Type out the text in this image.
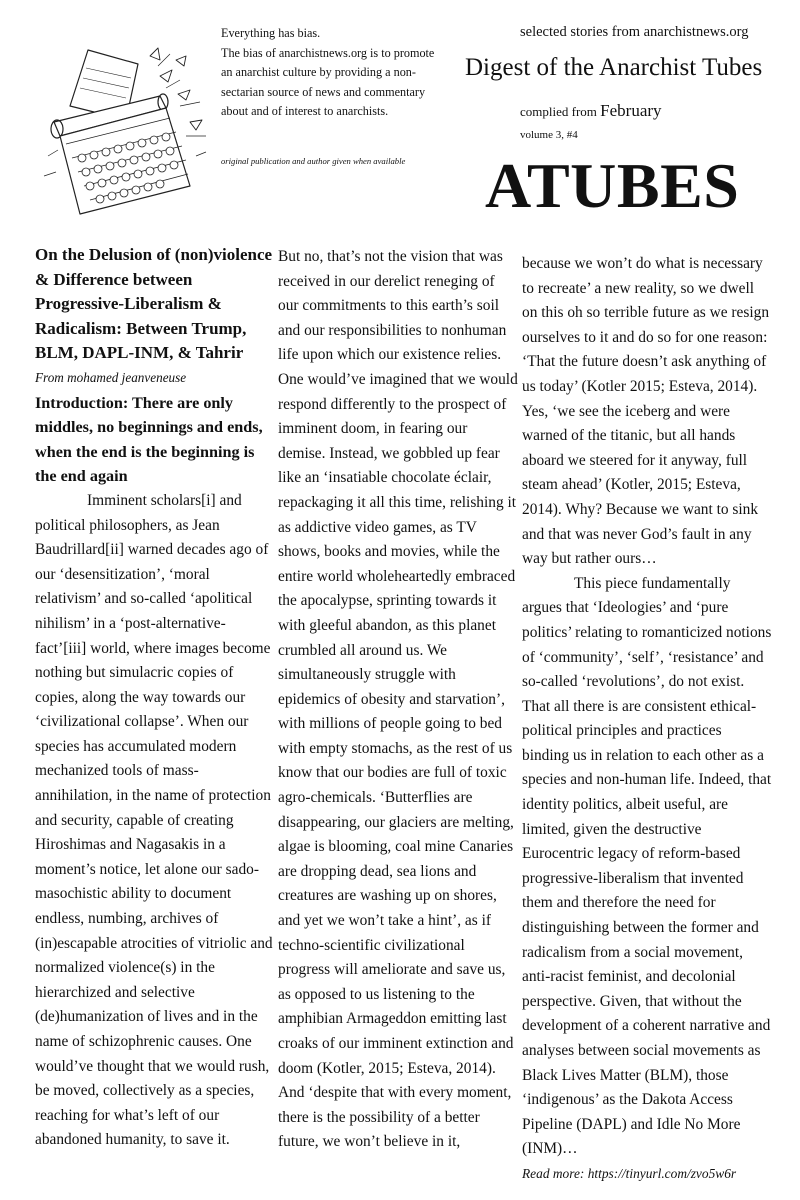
Everything has bias.

The bias of anarchistnews.org is to promote an anarchist culture by providing a non-sectarian source of news and commentary about and of interest to anarchists.

original publication and author given when available
selected stories from anarchistnews.org
Digest of the Anarchist Tubes
complied from February
volume 3, #4
ATUBES

On the Delusion of (non)violence & Difference between Progressive-Liberalism & Radicalism: Between Trump, BLM, DAPL-INM, & Tahrir

From mohamed jeanveneuse

Introduction: There are only middles, no beginnings and ends, when the end is the beginning is the end again

Imminent scholars[i] and political philosophers, as Jean Baudrillard[ii] warned decades ago of our ‘desensitization’, ‘moral relativism’ and so-called ‘apolitical nihilism’ in a ‘post-alternative-fact’[iii] world, where images become nothing but simulacric copies of copies, along the way towards our ‘civilizational collapse’. When our species has accumulated modern mechanized tools of mass-annihilation, in the name of protection and security, capable of creating Hiroshimas and Nagasakis in a moment’s notice, let alone our sado-masochistic ability to document endless, numbing, archives of (in)escapable atrocities of vitriolic and normalized violence(s) in the hierarchized and selective (de)humanization of lives and in the name of schizophrenic causes. One would’ve thought that we would rush, be moved, collectively as a species, reaching for what’s left of our abandoned humanity, to save it.

But no, that’s not the vision that was received in our derelict reneging of our commitments to this earth’s soil and our responsibilities to nonhuman life upon which our existence relies. One would’ve imagined that we would respond differently to the prospect of imminent doom, in fearing our demise. Instead, we gobbled up fear like an ‘insatiable chocolate éclair, repackaging it all this time, relishing it as addictive video games, as TV shows, books and movies, while the entire world wholeheartedly embraced the apocalypse, sprinting towards it with gleeful abandon, as this planet crumbled all around us. We simultaneously struggle with epidemics of obesity and starvation’, with millions of people going to bed with empty stomachs, as the rest of us know that our bodies are full of toxic agro-chemicals. ‘Butterflies are disappearing, our glaciers are melting, algae is blooming, coal mine Canaries are dropping dead, sea lions and creatures are washing up on shores, and yet we won’t take a hint’, as if techno-scientific civilizational progress will ameliorate and save us, as opposed to us listening to the amphibian Armageddon emitting last croaks of our imminent extinction and doom (Kotler, 2015; Esteva, 2014). And ‘despite that with every moment, there is the possibility of a better future, we won’t believe in it,

because we won’t do what is necessary to recreate’ a new reality, so we dwell on this oh so terrible future as we resign ourselves to it and do so for one reason: ‘That the future doesn’t ask anything of us today’ (Kotler 2015; Esteva, 2014). Yes, ‘we see the iceberg and were warned of the titanic, but all hands aboard we steered for it anyway, full steam ahead’ (Kotler, 2015; Esteva, 2014). Why? Because we want to sink and that was never God’s fault in any way but rather ours…

This piece fundamentally argues that ‘Ideologies’ and ‘pure politics’ relating to romanticized notions of ‘community’, ‘self’, ‘resistance’ and so-called ‘revolutions’, do not exist. That all there is are consistent ethical-political principles and practices binding us in relation to each other as a species and non-human life. Indeed, that identity politics, albeit useful, are limited, given the destructive Eurocentric legacy of reform-based progressive-liberalism that invented them and therefore the need for distinguishing between the former and radicalism from a social movement, anti-racist feminist, and decolonial perspective. Given, that without the development of a coherent narrative and analyses between social movements as Black Lives Matter (BLM), those ‘indigenous’ as the Dakota Access Pipeline (DAPL) and Idle No More (INM)…

Read more: https://tinyurl.com/zvo5w6r
